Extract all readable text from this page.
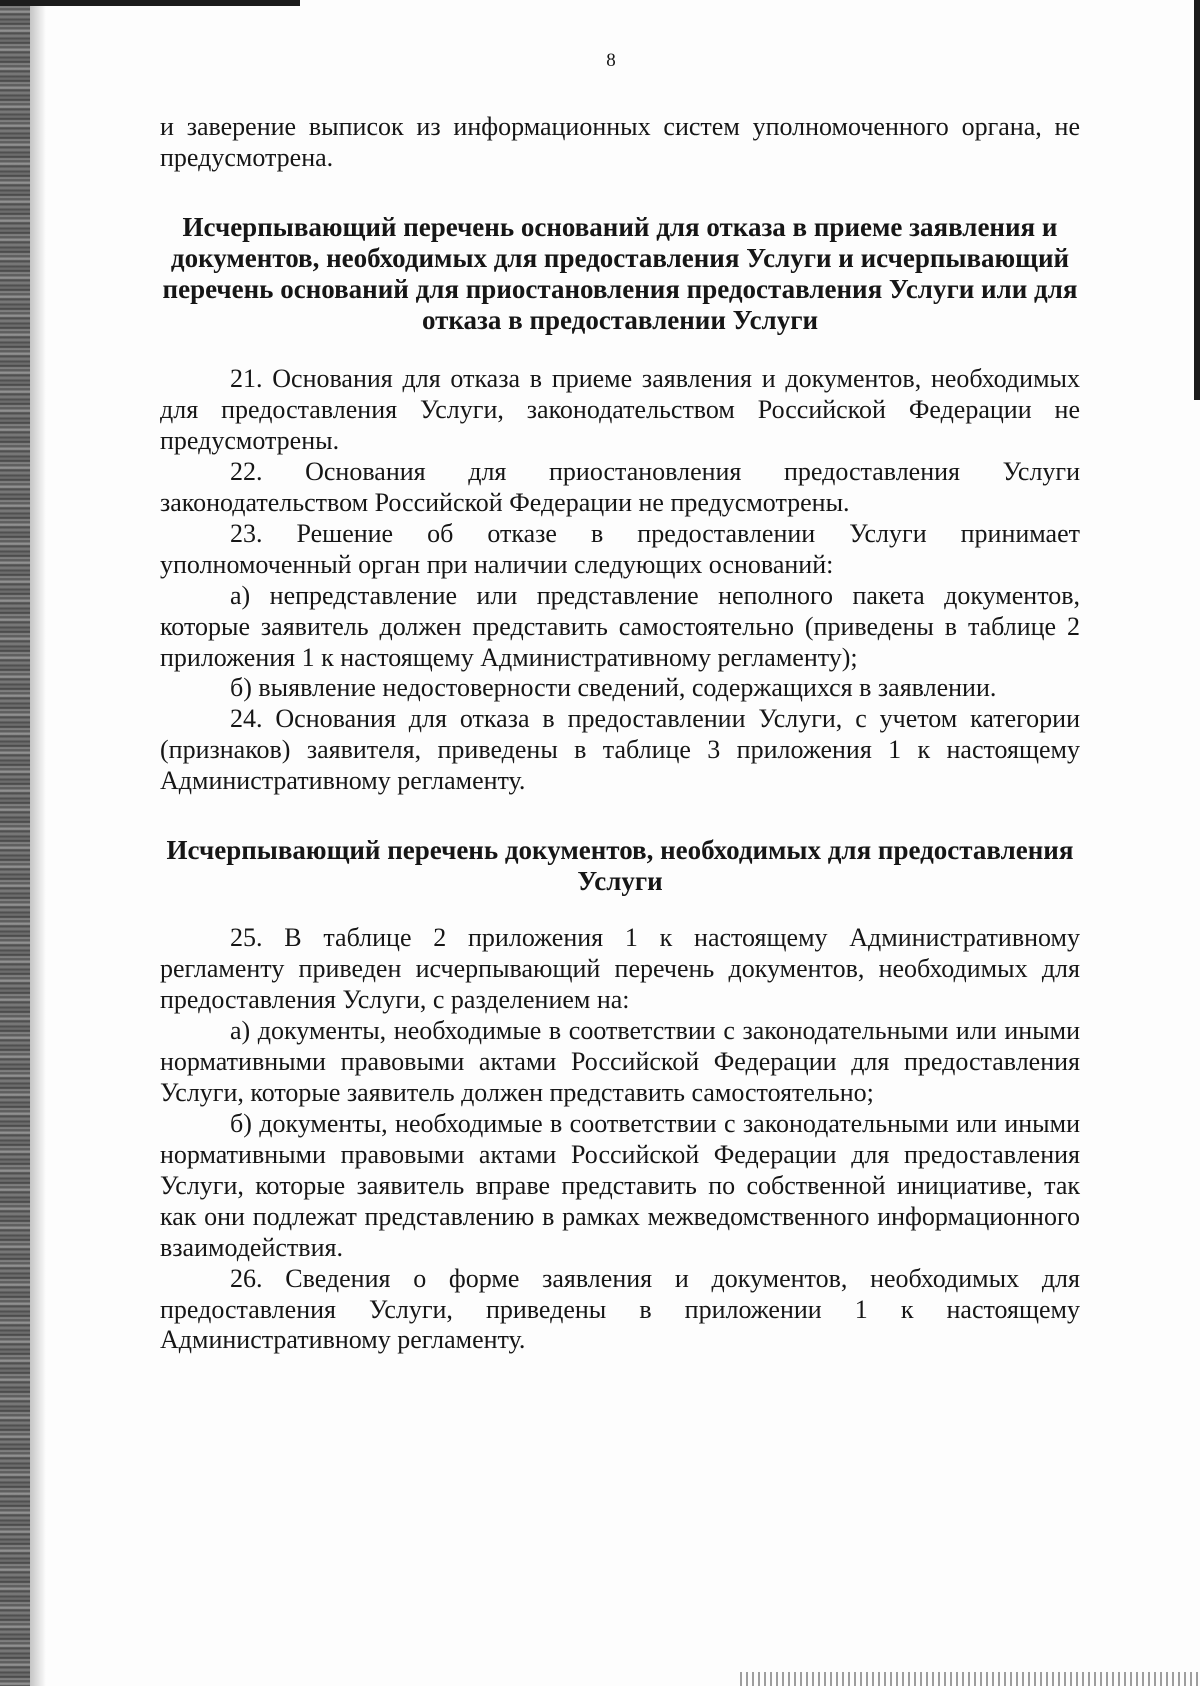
8

и заверение выписок из информационных систем уполномоченного органа, не предусмотрена.

Исчерпывающий перечень оснований для отказа в приеме заявления и документов, необходимых для предоставления Услуги и исчерпывающий перечень оснований для приостановления предоставления Услуги или для отказа в предоставлении Услуги

21. Основания для отказа в приеме заявления и документов, необходимых для предоставления Услуги, законодательством Российской Федерации не предусмотрены.

22. Основания для приостановления предоставления Услуги законодательством Российской Федерации не предусмотрены.

23. Решение об отказе в предоставлении Услуги принимает уполномоченный орган при наличии следующих оснований:

а) непредставление или представление неполного пакета документов, которые заявитель должен представить самостоятельно (приведены в таблице 2 приложения 1 к настоящему Административному регламенту);

б) выявление недостоверности сведений, содержащихся в заявлении.

24. Основания для отказа в предоставлении Услуги, с учетом категории (признаков) заявителя, приведены в таблице 3 приложения 1 к настоящему Административному регламенту.

Исчерпывающий перечень документов, необходимых для предоставления Услуги

25. В таблице 2 приложения 1 к настоящему Административному регламенту приведен исчерпывающий перечень документов, необходимых для предоставления Услуги, с разделением на:

а) документы, необходимые в соответствии с законодательными или иными нормативными правовыми актами Российской Федерации для предоставления Услуги, которые заявитель должен представить самостоятельно;

б) документы, необходимые в соответствии с законодательными или иными нормативными правовыми актами Российской Федерации для предоставления Услуги, которые заявитель вправе представить по собственной инициативе, так как они подлежат представлению в рамках межведомственного информационного взаимодействия.

26. Сведения о форме заявления и документов, необходимых для предоставления Услуги, приведены в приложении 1 к настоящему Административному регламенту.
